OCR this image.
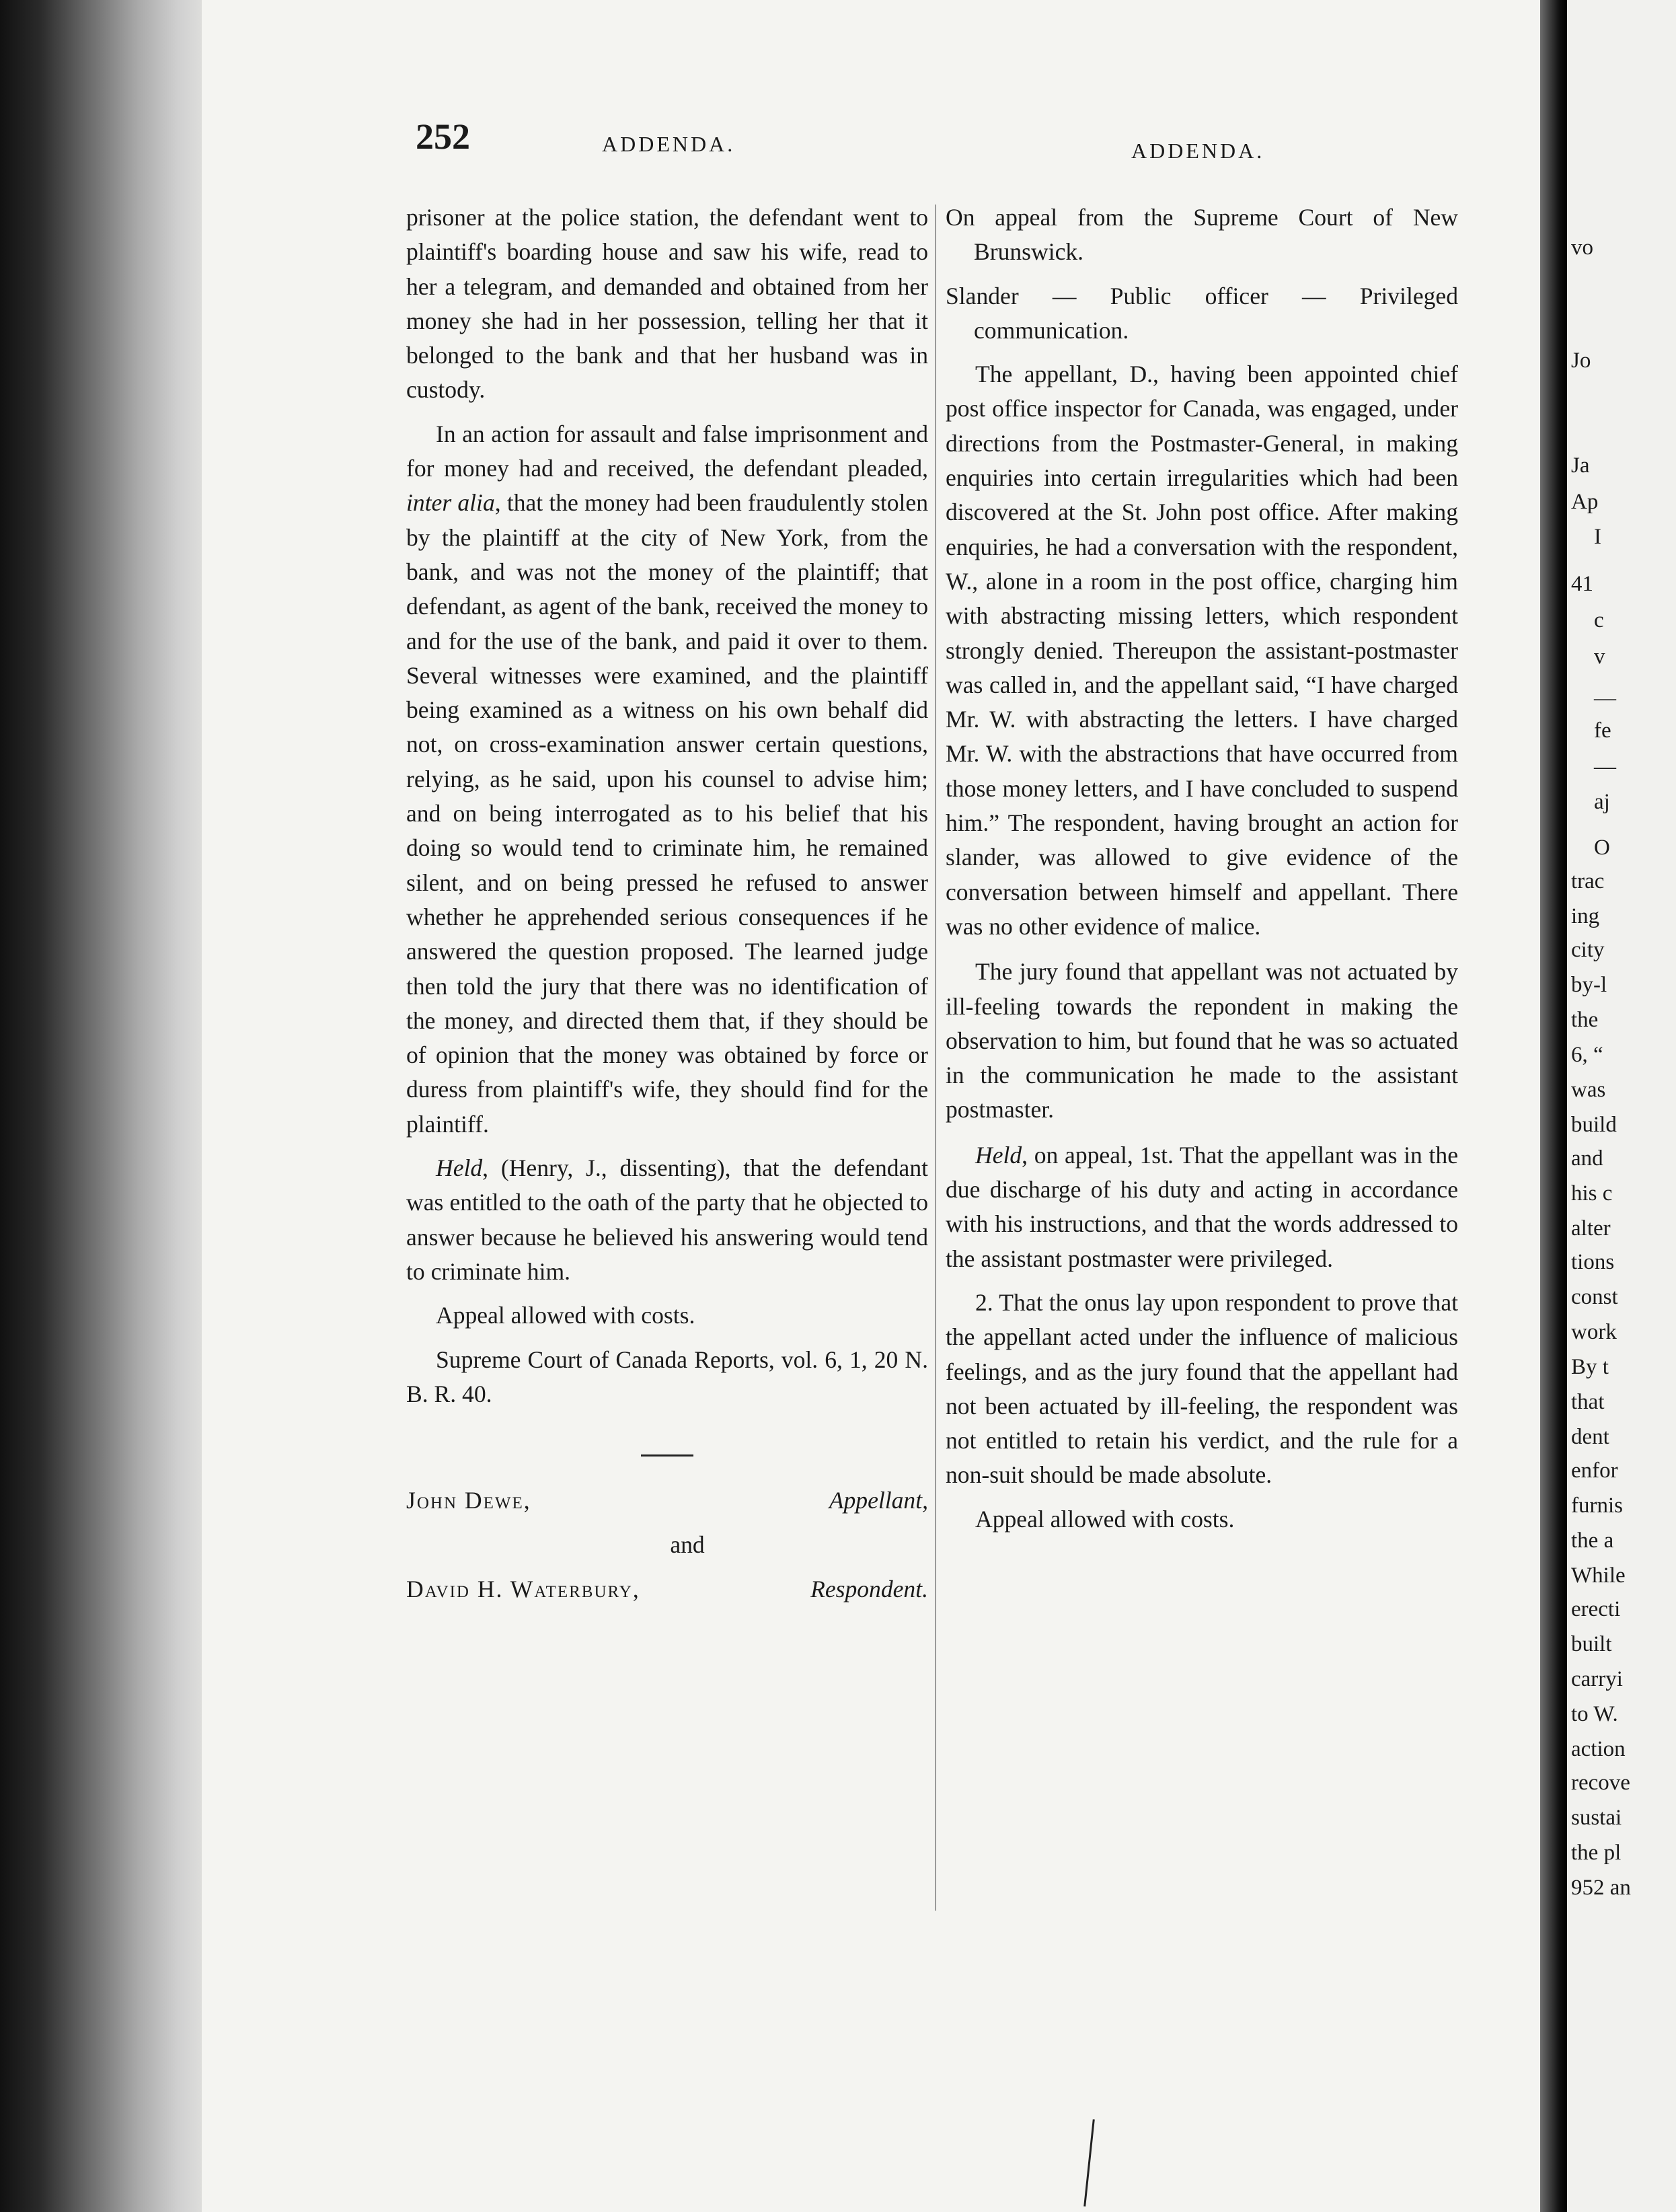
252	ADDENDA.	ADDENDA.

prisoner at the police station, the defendant went to plaintiff's boarding house and saw his wife, read to her a telegram, and demanded and obtained from her money she had in her possession, telling her that it belonged to the bank and that her husband was in custody.

In an action for assault and false imprisonment and for money had and received, the defendant pleaded, inter alia, that the money had been fraudulently stolen by the plaintiff at the city of New York, from the bank, and was not the money of the plaintiff; that defendant, as agent of the bank, received the money to and for the use of the bank, and paid it over to them. Several witnesses were examined, and the plaintiff being examined as a witness on his own behalf did not, on cross-examination answer certain questions, relying, as he said, upon his counsel to advise him; and on being interrogated as to his belief that his doing so would tend to criminate him, he remained silent, and on being pressed he refused to answer whether he apprehended serious consequences if he answered the question proposed. The learned judge then told the jury that there was no identification of the money, and directed them that, if they should be of opinion that the money was obtained by force or duress from plaintiff's wife, they should find for the plaintiff.

Held, (Henry, J., dissenting), that the defendant was entitled to the oath of the party that he objected to answer because he believed his answering would tend to criminate him.

Appeal allowed with costs.

Supreme Court of Canada Reports, vol. 6, 1, 20 N. B. R. 40.

John Dewe,	Appellant,
and
David H. Waterbury,	Respondent.

On appeal from the Supreme Court of New Brunswick.

Slander — Public officer — Privileged communication.

The appellant, D., having been appointed chief post office inspector for Canada, was engaged, under directions from the Postmaster-General, in making enquiries into certain irregularities which had been discovered at the St. John post office. After making enquiries, he had a conversation with the respondent, W., alone in a room in the post office, charging him with abstracting missing letters, which respondent strongly denied. Thereupon the assistant-postmaster was called in, and the appellant said, “I have charged Mr. W. with abstracting the letters. I have charged Mr. W. with the abstractions that have occurred from those money letters, and I have concluded to suspend him.” The respondent, having brought an action for slander, was allowed to give evidence of the conversation between himself and appellant. There was no other evidence of malice.

The jury found that appellant was not actuated by ill-feeling towards the repondent in making the observation to him, but found that he was so actuated in the communication he made to the assistant postmaster.

Held, on appeal, 1st. That the appellant was in the due discharge of his duty and acting in accordance with his instructions, and that the words addressed to the assistant postmaster were privileged.

2. That the onus lay upon respondent to prove that the appellant acted under the influence of malicious feelings, and as the jury found that the appellant had not been actuated by ill-feeling, the respondent was not entitled to retain his verdict, and the rule for a non-suit should be made absolute.

Appeal allowed with costs.

vo
Jo
Ja
Ap
I
41
c
v
—
fe
—
aj
O
trac
ing
city
by-l
the
6, “
was
build
and
his c
alter
tions
const
work
By t
that
dent
enfor
furnis
the a
While
erecti
built
carryi
to W.
action
recove
sustai
the pl
952 an
